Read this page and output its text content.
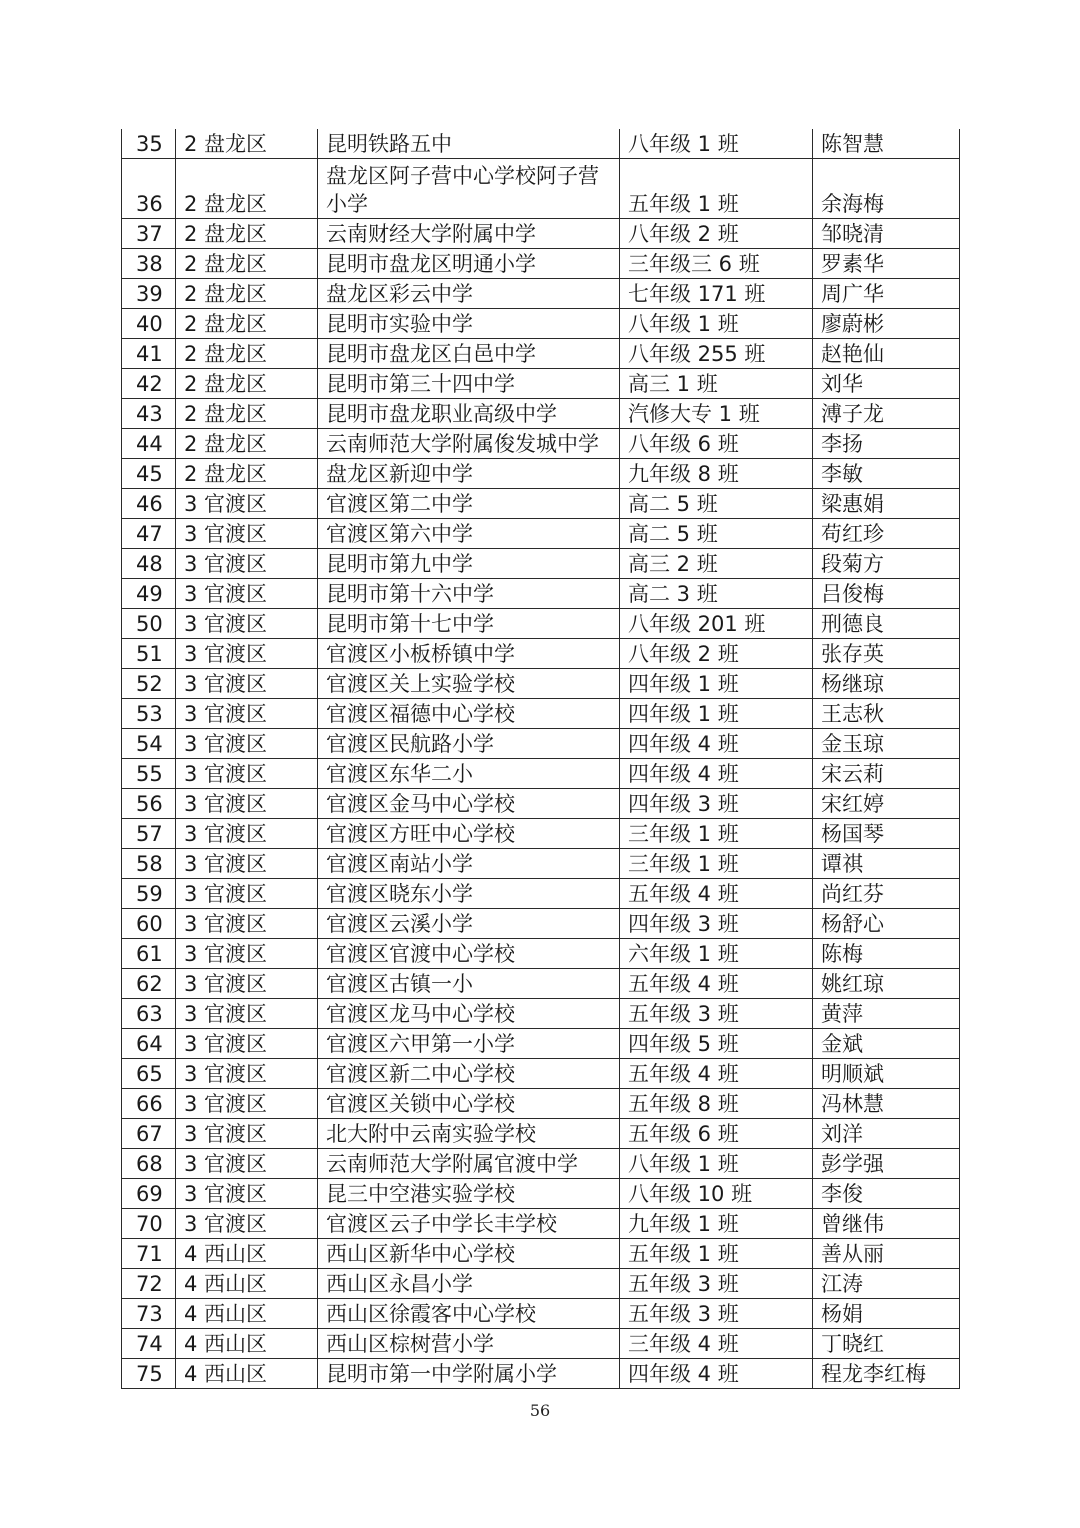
35	2 盘龙区	昆明铁路五中	八年级 1 班	陈智慧
36	2 盘龙区	盘龙区阿子营中心学校阿子营小学	五年级 1 班	余海梅
37	2 盘龙区	云南财经大学附属中学	八年级 2 班	邹晓清
38	2 盘龙区	昆明市盘龙区明通小学	三年级三 6 班	罗素华
39	2 盘龙区	盘龙区彩云中学	七年级 171 班	周广华
40	2 盘龙区	昆明市实验中学	八年级 1 班	廖蔚彬
41	2 盘龙区	昆明市盘龙区白邑中学	八年级 255 班	赵艳仙
42	2 盘龙区	昆明市第三十四中学	高三 1 班	刘华
43	2 盘龙区	昆明市盘龙职业高级中学	汽修大专 1 班	溥子龙
44	2 盘龙区	云南师范大学附属俊发城中学	八年级 6 班	李扬
45	2 盘龙区	盘龙区新迎中学	九年级 8 班	李敏
46	3 官渡区	官渡区第二中学	高二 5 班	梁惠娟
47	3 官渡区	官渡区第六中学	高二 5 班	苟红珍
48	3 官渡区	昆明市第九中学	高三 2 班	段菊方
49	3 官渡区	昆明市第十六中学	高二 3 班	吕俊梅
50	3 官渡区	昆明市第十七中学	八年级 201 班	刑德良
51	3 官渡区	官渡区小板桥镇中学	八年级 2 班	张存英
52	3 官渡区	官渡区关上实验学校	四年级 1 班	杨继琼
53	3 官渡区	官渡区福德中心学校	四年级 1 班	王志秋
54	3 官渡区	官渡区民航路小学	四年级 4 班	金玉琼
55	3 官渡区	官渡区东华二小	四年级 4 班	宋云莉
56	3 官渡区	官渡区金马中心学校	四年级 3 班	宋红婷
57	3 官渡区	官渡区方旺中心学校	三年级 1 班	杨国琴
58	3 官渡区	官渡区南站小学	三年级 1 班	谭祺
59	3 官渡区	官渡区晓东小学	五年级 4 班	尚红芬
60	3 官渡区	官渡区云溪小学	四年级 3 班	杨舒心
61	3 官渡区	官渡区官渡中心学校	六年级 1 班	陈梅
62	3 官渡区	官渡区古镇一小	五年级 4 班	姚红琼
63	3 官渡区	官渡区龙马中心学校	五年级 3 班	黄萍
64	3 官渡区	官渡区六甲第一小学	四年级 5 班	金斌
65	3 官渡区	官渡区新二中心学校	五年级 4 班	明顺斌
66	3 官渡区	官渡区关锁中心学校	五年级 8 班	冯林慧
67	3 官渡区	北大附中云南实验学校	五年级 6 班	刘洋
68	3 官渡区	云南师范大学附属官渡中学	八年级 1 班	彭学强
69	3 官渡区	昆三中空港实验学校	八年级 10 班	李俊
70	3 官渡区	官渡区云子中学长丰学校	九年级 1 班	曾继伟
71	4 西山区	西山区新华中心学校	五年级 1 班	善从丽
72	4 西山区	西山区永昌小学	五年级 3 班	江涛
73	4 西山区	西山区徐霞客中心学校	五年级 3 班	杨娟
74	4 西山区	西山区棕树营小学	三年级 4 班	丁晓红
75	4 西山区	昆明市第一中学附属小学	四年级 4 班	程龙李红梅
56
